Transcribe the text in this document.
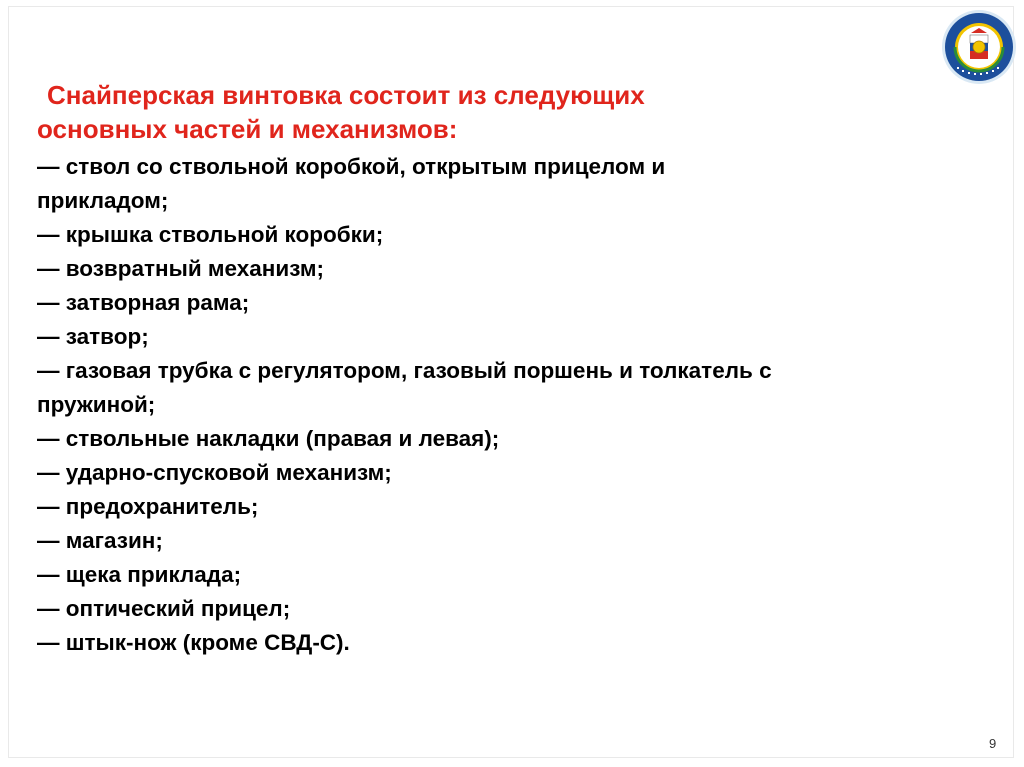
Снайперская винтовка состоит из следующих
основных частей и механизмов:
— ствол со ствольной коробкой, открытым прицелом и
прикладом;
— крышка ствольной коробки;
— возвратный механизм;
— затворная рама;
— затвор;
— газовая трубка с регулятором, газовый поршень и толкатель с
пружиной;
— ствольные накладки (правая и левая);
— ударно-спусковой механизм;
— предохранитель;
— магазин;
— щека приклада;
— оптический прицел;
— штык-нож (кроме СВД-С).
9
